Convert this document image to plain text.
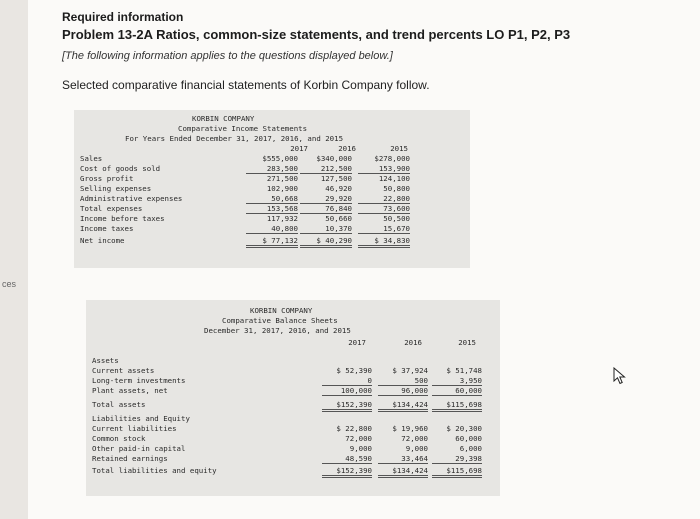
ces
Required information
Problem 13-2A Ratios, common-size statements, and trend percents LO P1, P2, P3
[The following information applies to the questions displayed below.]
Selected comparative financial statements of Korbin Company follow.
KORBIN COMPANY
Comparative Income Statements
For Years Ended December 31, 2017, 2016, and 2015
2017	2016	2015
Sales	$555,000	$340,000	$278,000
Cost of goods sold	283,500	212,500	153,900
Gross profit	271,500	127,500	124,100
Selling expenses	102,900	46,920	50,800
Administrative expenses	50,668	29,920	22,800
Total expenses	153,568	76,840	73,600
Income before taxes	117,932	50,660	50,500
Income taxes	40,800	10,370	15,670
Net income	$ 77,132	$ 40,290	$ 34,830
KORBIN COMPANY
Comparative Balance Sheets
December 31, 2017, 2016, and 2015
2017	2016	2015
Assets
Current assets	$ 52,390	$ 37,924	$ 51,748
Long-term investments	0	500	3,950
Plant assets, net	100,000	96,000	60,000
Total assets	$152,390	$134,424	$115,698
Liabilities and Equity
Current liabilities	$ 22,800	$ 19,960	$ 20,300
Common stock	72,000	72,000	60,000
Other paid-in capital	9,000	9,000	6,000
Retained earnings	48,590	33,464	29,398
Total liabilities and equity	$152,390	$134,424	$115,698
